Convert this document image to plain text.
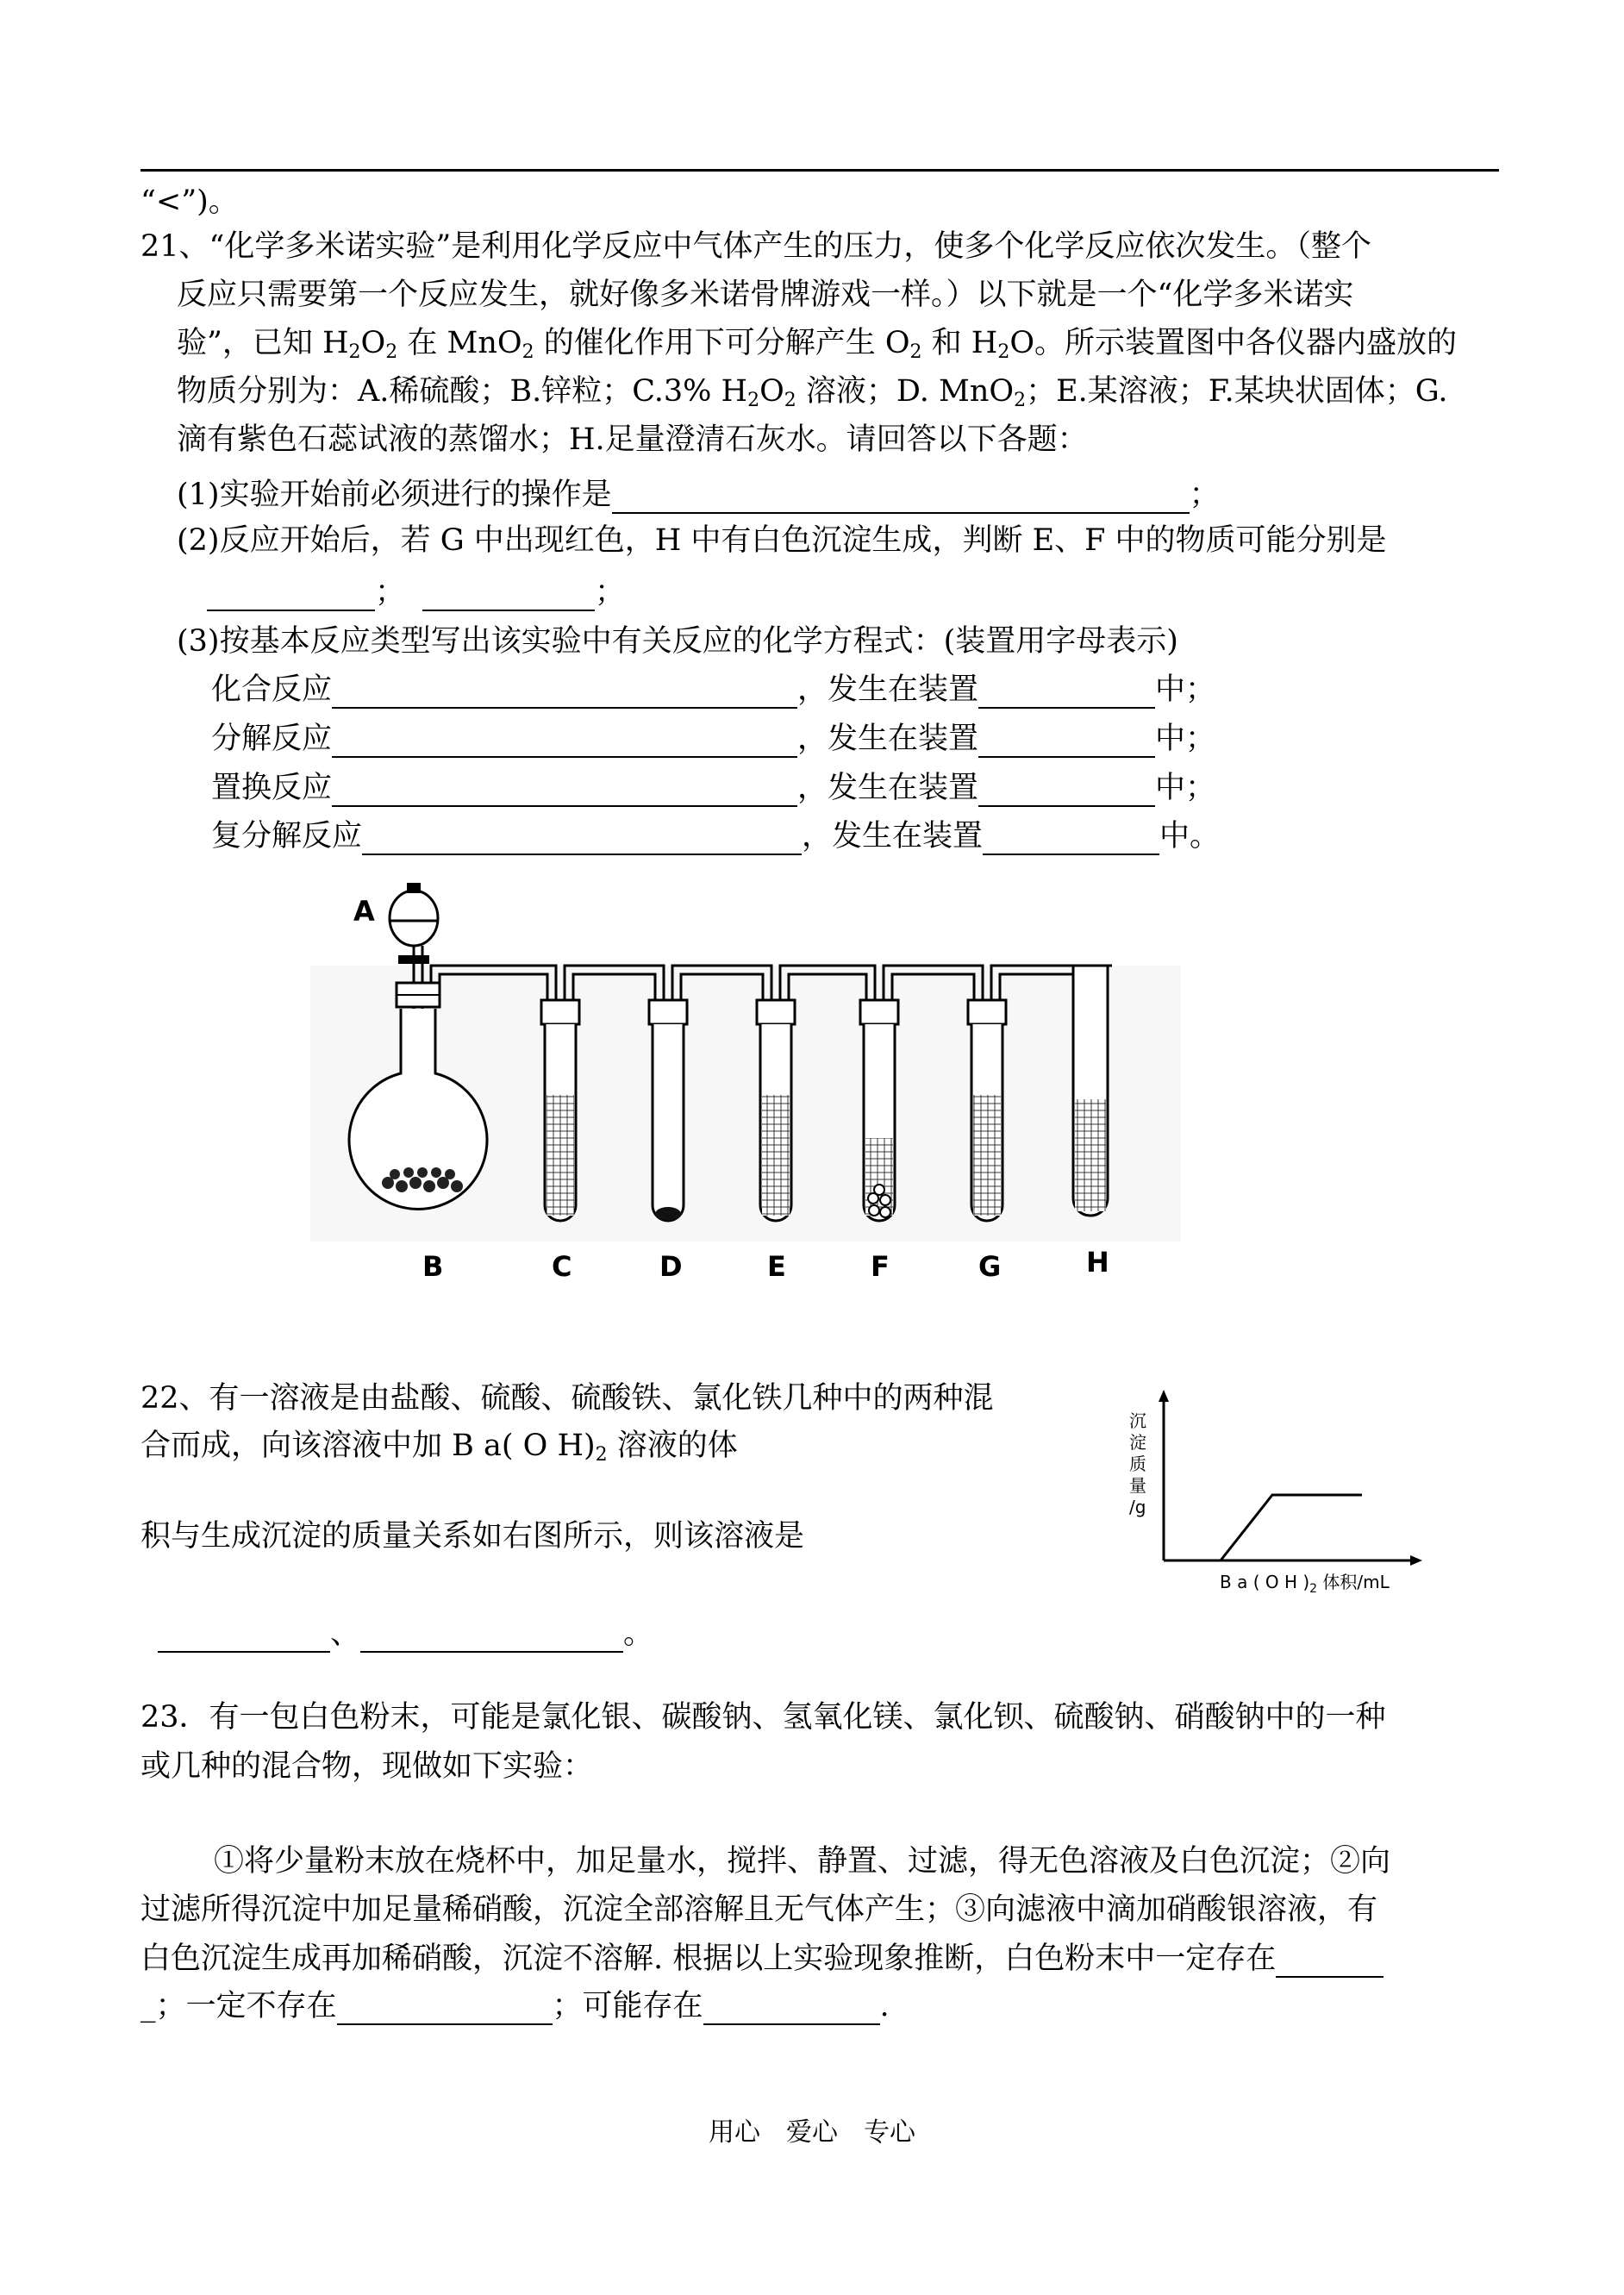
“<”)。
21、“化学多米诺实验”是利用化学反应中气体产生的压力，使多个化学反应依次发生。（整个
反应只需要第一个反应发生，就好像多米诺骨牌游戏一样。）以下就是一个“化学多米诺实
验”，已知 $H_2O_2$ 在 MnO$_2$ 的催化作用下可分解产生 $O_2$ 和 $H_2O$。所示装置图中各仪器内盛放的
物质分别为：A.稀硫酸；B.锌粒；C.3% $H_2O_2$ 溶液；D. MnO$_2$；E.某溶液；F.某块状固体；G.
滴有紫色石蕊试液的蒸馏水；H.足量澄清石灰水。请回答以下各题：
(1)实验开始前必须进行的操作是	；
(2)反应开始后，若 G 中出现红色，H 中有白色沉淀生成，判断 E、F 中的物质可能分别是
；	；
(3)按基本反应类型写出该实验中有关反应的化学方程式：(装置用字母表示)
化合反应	，发生在装置	中；
分解反应	，发生在装置	中；
置换反应	，发生在装置	中；
复分解反应	，发生在装置	中。
A
B	C	D	E	F	G	H
22、有一溶液是由盐酸、硫酸、硫酸铁、氯化铁几种中的两种混
合而成，向该溶液中加 B a( O $H)_2$ 溶液的体
积与生成沉淀的质量关系如右图所示，则该溶液是
、	。
沉
淀
质
量
/g
B a ( O H )$_2$ 体积/mL
23．有一包白色粉末，可能是氯化银、碳酸钠、氢氧化镁、氯化钡、硫酸钠、硝酸钠中的一种
或几种的混合物，现做如下实验：
①将少量粉末放在烧杯中，加足量水，搅拌、静置、过滤，得无色溶液及白色沉淀；②向
过滤所得沉淀中加足量稀硝酸，沉淀全部溶解且无气体产生；③向滤液中滴加硝酸银溶液，有
白色沉淀生成再加稀硝酸，沉淀不溶解. 根据以上实验现象推断，白色粉末中一定存在
_；一定不存在	；可能存在	.
用心　爱心　专心
